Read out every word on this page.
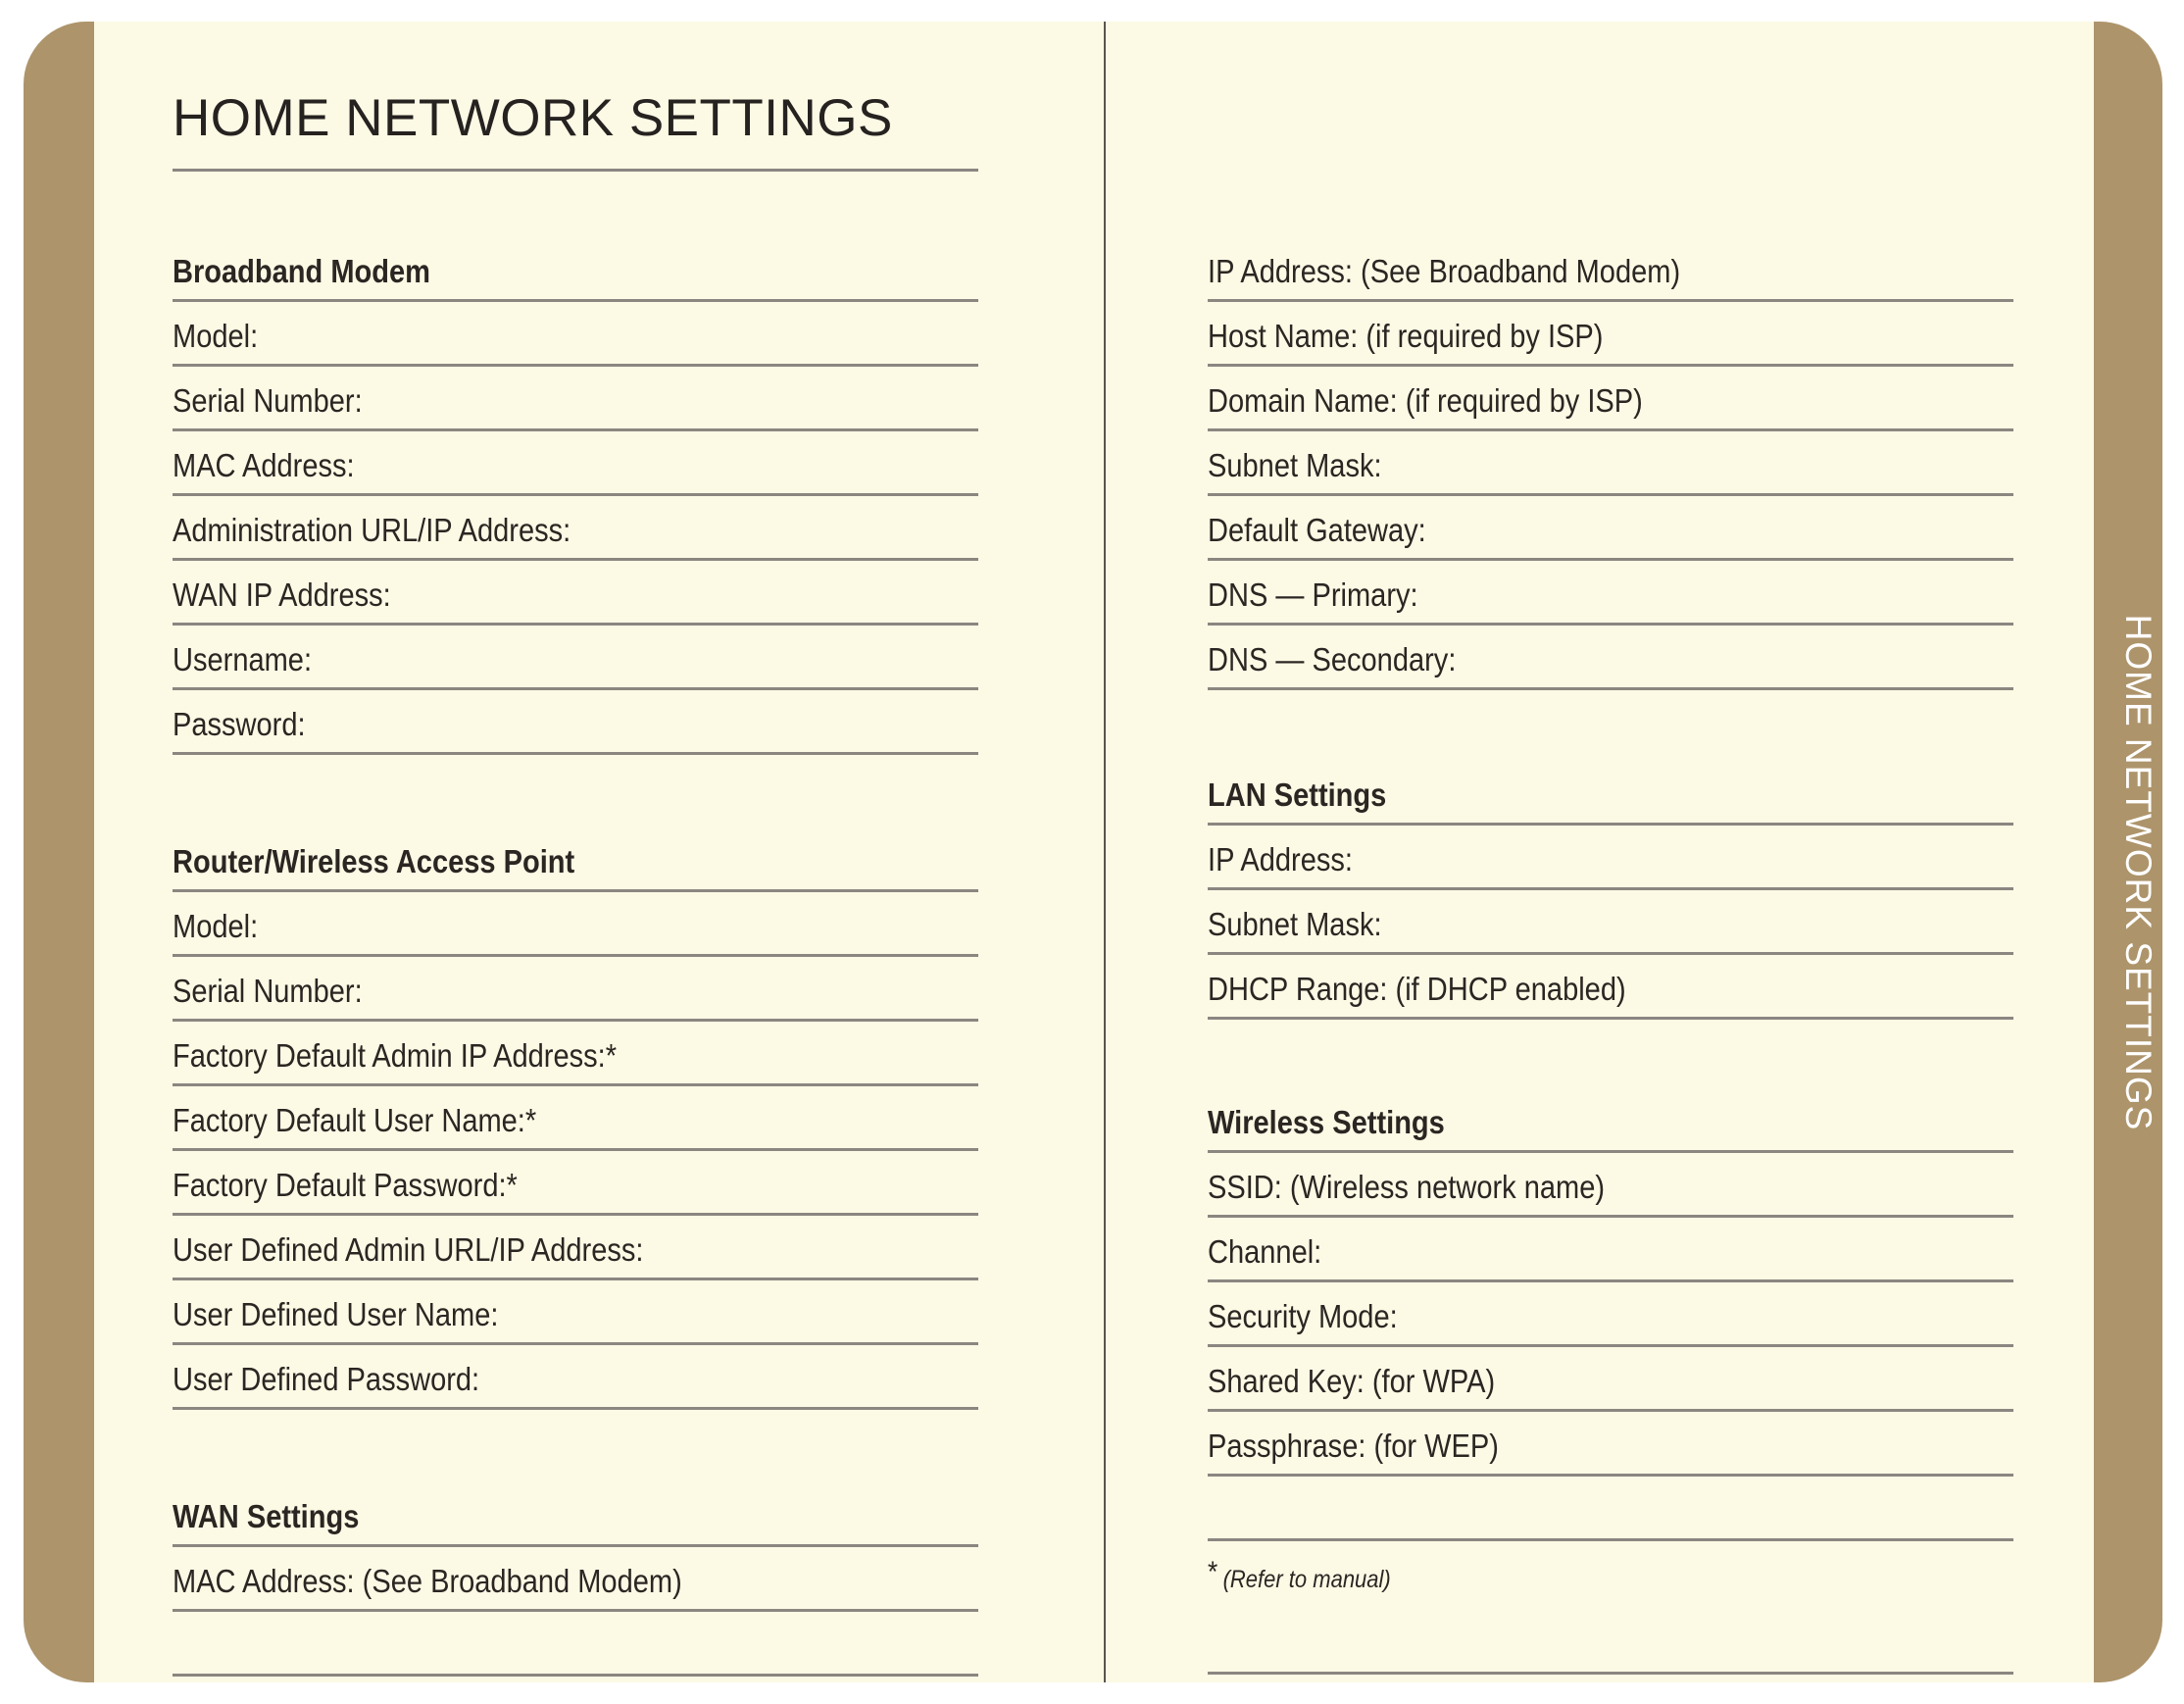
HOME NETWORK SETTINGS
Broadband Modem
Model:
Serial Number:
MAC Address:
Administration URL/IP Address:
WAN IP Address:
Username:
Password:
Router/Wireless Access Point
Model:
Serial Number:
Factory Default Admin IP Address:*
Factory Default User Name:*
Factory Default Password:*
User Defined Admin URL/IP Address:
User Defined User Name:
User Defined Password:
WAN Settings
MAC Address: (See Broadband Modem)
IP Address: (See Broadband Modem)
Host Name: (if required by ISP)
Domain Name: (if required by ISP)
Subnet Mask:
Default Gateway:
DNS — Primary:
DNS — Secondary:
LAN Settings
IP Address:
Subnet Mask:
DHCP Range: (if DHCP enabled)
Wireless Settings
SSID: (Wireless network name)
Channel:
Security Mode:
Shared Key: (for WPA)
Passphrase: (for WEP)
* (Refer to manual)
HOME NETWORK SETTINGS
